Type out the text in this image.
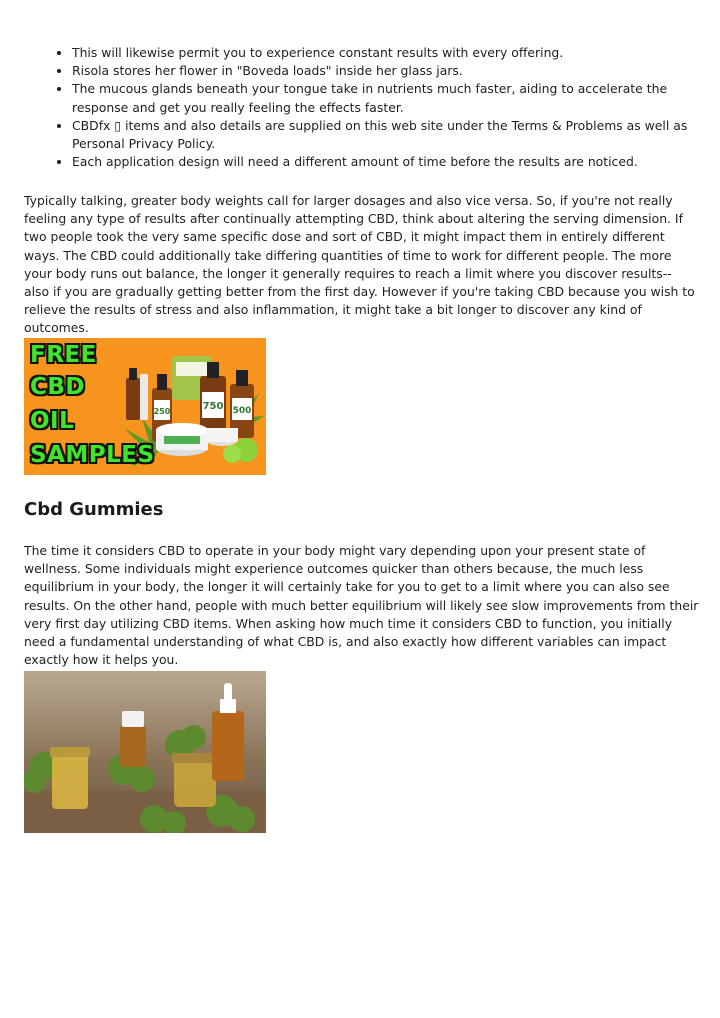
• This will likewise permit you to experience constant results with every offering.
• Risola stores her flower in "Boveda loads" inside her glass jars.
• The mucous glands beneath your tongue take in nutrients much faster, aiding to accelerate the response and get you really feeling the effects faster.
• CBDfx ▯ items and also details are supplied on this web site under the Terms & Problems as well as Personal Privacy Policy.
• Each application design will need a different amount of time before the results are noticed.

Typically talking, greater body weights call for larger dosages and also vice versa. So, if you're not really feeling any type of results after continually attempting CBD, think about altering the serving dimension. If two people took the very same specific dose and sort of CBD, it might impact them in entirely different ways. The CBD could additionally take differing quantities of time to work for different people. The more your body runs out balance, the longer it generally requires to reach a limit where you discover results-- also if you are gradually getting better from the first day. However if you're taking CBD because you wish to relieve the results of stress and also inflammation, it might take a bit longer to discover any kind of outcomes.

250	750 500
FREE
CBD
OIL
SAMPLES
Cbd Gummies

The time it considers CBD to operate in your body might vary depending upon your present state of wellness. Some individuals might experience outcomes quicker than others because, the much less equilibrium in your body, the longer it will certainly take for you to get to a limit where you can also see results. On the other hand, people with much better equilibrium will likely see slow improvements from their very first day utilizing CBD items. When asking how much time it considers CBD to function, you initially need a fundamental understanding of what CBD is, and also exactly how different variables can impact exactly how it helps you.
